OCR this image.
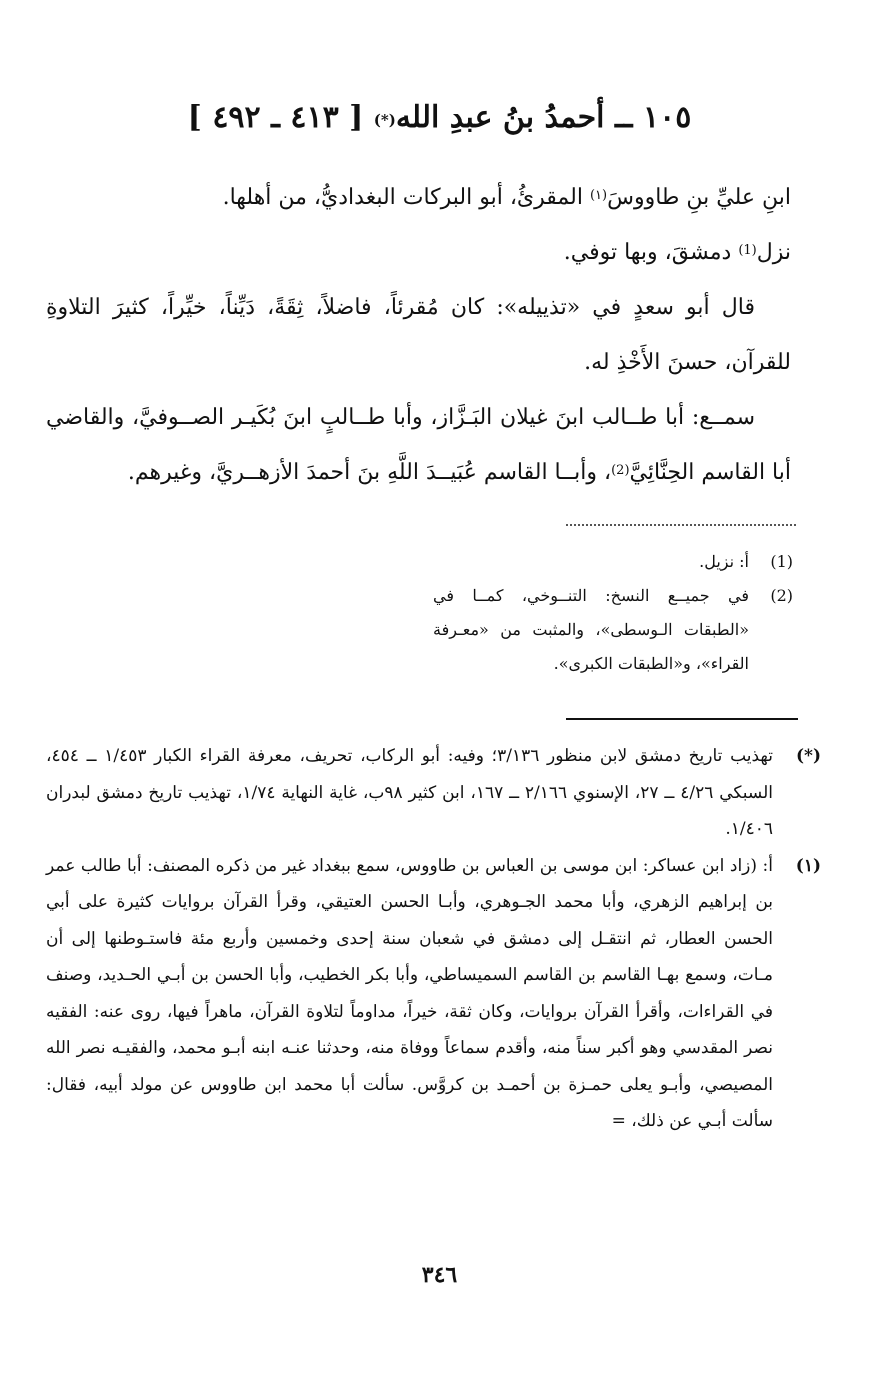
١٠٥ ــ أحمدُ بنُ عبدِ الله(*) [ ٤١٣ ـ ٤٩٢ ]

ابنِ عليِّ بنِ طاووسَ$^{(١)}$ المقرئُ، أبو البركات البغداديُّ، من أهلها.

نزل$^{(1)}$ دمشقَ، وبها توفي.

قال أبو سعدٍ في «تذييله»: كان مُقرئاً، فاضلاً، ثِقَةً، دَيِّناً، خيِّراً، كثيرَ التلاوةِ للقرآن، حسنَ الأَخْذِ له.

سمــع: أبا طــالب ابنَ غيلان البَـزَّاز، وأبا طــالبٍ ابنَ بُكَيـر الصــوفيَّ، والقاضي أبا القاسم الحِنَّائِيَّ$^{(2)}$، وأبــا القاسم عُبَيــدَ اللَّهِ بنَ أحمدَ الأزهــريَّ، وغيرهم.

(1)
أ: نزيل.
(2)
في جميــع النسخ: التنــوخي، كمــا في «الطبقات الـوسطى»، والمثبت من «معـرفة القراء»، و«الطبقات الكبرى».
(*)
تهذيب تاريخ دمشق لابن منظور ٣/١٣٦؛ وفيه: أبو الركاب، تحريف، معرفة القراء الكبار ١/٤٥٣ ــ ٤٥٤، السبكي ٤/٢٦ ــ ٢٧، الإسنوي ٢/١٦٦ ــ ١٦٧، ابن كثير ٩٨ب، غاية النهاية ١/٧٤، تهذيب تاريخ دمشق لبدران ١/٤٠٦.
(١)
أ: (زاد ابن عساكر: ابن موسى بن العباس بن طاووس، سمع ببغداد غير من ذكره المصنف: أبا طالب عمر بن إبراهيم الزهري، وأبا محمد الجـوهري، وأبـا الحسن العتيقي، وقرأ القرآن بروايات كثيرة على أبي الحسن العطار، ثم انتقـل إلى دمشق في شعبان سنة إحدى وخمسين وأربع مئة فاستـوطنها إلى أن مـات، وسمع بهـا القاسم بن القاسم السميساطي، وأبا بكر الخطيب، وأبا الحسن بن أبـي الحـديد، وصنف في القراءات، وأقرأ القرآن بروايات، وكان ثقة، خيراً، مداوماً لتلاوة القرآن، ماهراً فيها، روى عنه: الفقيه نصر المقدسي وهو أكبر سناً منه، وأقدم سماعاً ووفاة منه، وحدثنا عنـه ابنه أبـو محمد، والفقيـه نصر الله المصيصي، وأبـو يعلى حمـزة بن أحمـد بن كروَّس. سألت أبا محمد ابن طاووس عن مولد أبيه، فقال: سألت أبـي عن ذلك، =
٣٤٦
